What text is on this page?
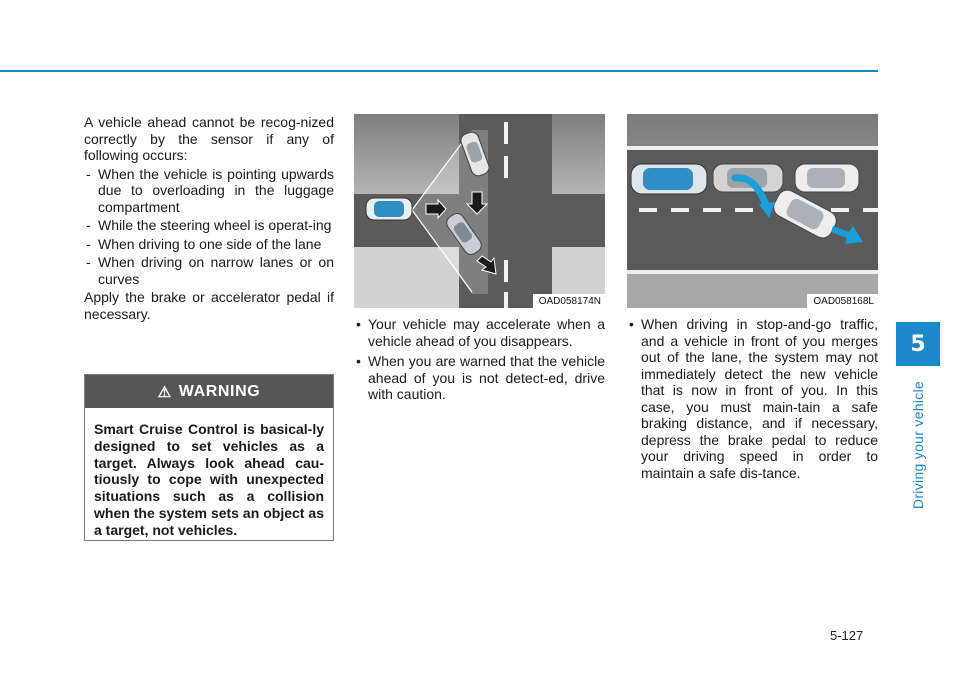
5
Driving your vehicle

A vehicle ahead cannot be recog-nized correctly by the sensor if any of following occurs:

- When the vehicle is pointing upwards due to overloading in the luggage compartment
- While the steering wheel is operat-ing
- When driving to one side of the lane
- When driving on narrow lanes or on curves

Apply the brake or accelerator pedal if necessary.

⚠ WARNING
Smart Cruise Control is basical-ly designed to set vehicles as a target. Always look ahead cau-tiously to cope with unexpected situations such as a collision when the system sets an object as a target, not vehicles.
OAD058174N	OAD058168L
• Your vehicle may accelerate when a vehicle ahead of you disappears.
• When you are warned that the vehicle ahead of you is not detect-ed, drive with caution.
• When driving in stop-and-go traffic, and a vehicle in front of you merges out of the lane, the system may not immediately detect the new vehicle that is now in front of you. In this case, you must main-tain a safe braking distance, and if necessary, depress the brake pedal to reduce your driving speed in order to maintain a safe dis-tance.
5-127
